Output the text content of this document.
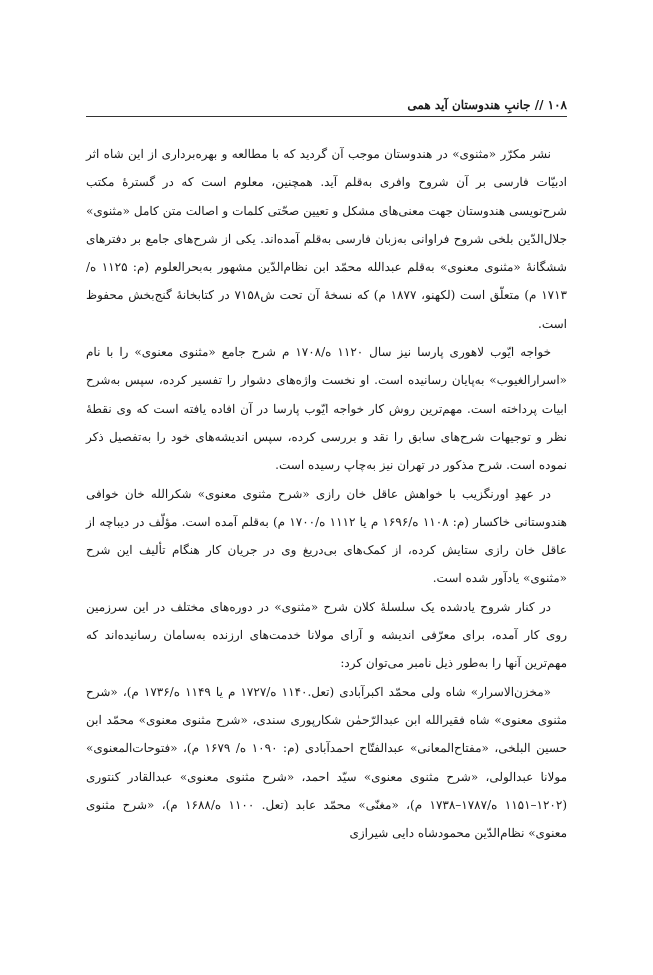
١٠٨ // جانبِ هندوستان آید همی

نشر مکرّر «مثنوی» در هندوستان موجب آن گردید که با مطالعه و بهره‌برداری از این شاه اثر ادبیّات فارسی بر آن شروح وافری به‌قلم آید. همچنین، معلوم است که در گسترهٔ مکتب شرح‌نویسی هندوستان جهت معنی‌های مشکل و تعیین صحّتی کلمات و اصالت متن کامل «مثنوی» جلال‌الدّین بلخی شروح فراوانی به‌زبان فارسی به‌قلم آمده‌اند. یکی از شرح‌های جامع بر دفترهای ششگانهٔ «مثنوی معنوی» به‌قلم عبدالله محمّد ابن نظام‌الدّین مشهور به‌بحرالعلوم (م: ۱۱۲۵ ه/۱۷۱۳ م) متعلّق است (لکهنو، ۱۸۷۷ م) که نسخهٔ آن تحت ش۷۱۵۸ در کتابخانهٔ گنج‌بخش محفوظ است.

خواجه ایّوب لاهوری پارسا نیز سال ۱۱۲۰ ه/۱۷۰۸ م شرح جامع «مثنوی معنوی» را با نام «اسرارالغیوب» به‌پایان رسانیده است. او نخست واژه‌های دشوار را تفسیر کرده، سپس به‌شرح ابیات پرداخته است. مهم‌ترین روش کار خواجه ایّوب پارسا در آن افاده یافته است که وی نقطهٔ نظر و توجیهات شرح‌های سابق را نقد و بررسی کرده، سپس اندیشه‌های خود را به‌تفصیل ذکر نموده است. شرح مذکور در تهران نیز به‌چاپ رسیده است.

در عهدِ اورنگزیب با خواهش عاقل خان رازی «شرح مثنوی معنوی» شکرالله خان خوافی هندوستانی خاکسار (م: ۱۱۰۸ ه/۱۶۹۶ م یا ۱۱۱۲ ه/۱۷۰۰ م) به‌قلم آمده است. مؤلّف در دیباچه از عاقل خان رازی ستایش کرده، از کمک‌های بی‌دریغ وی در جریان کار هنگام تألیف این شرح «مثنوی» یادآور شده است.

در کنار شروح یادشده یک سلسلهٔ کلان شرح «مثنوی» در دوره‌های مختلف در این سرزمین روی کار آمده، برای معرّفی اندیشه و آرای مولانا خدمت‌های ارزنده به‌سامان رسانیده‌اند که مهم‌ترین آنها را به‌طور ذیل نامبر می‌توان کرد:

«مخزن‌الاسرار» شاه ولی محمّد اکبرآبادی (تعل.۱۱۴۰ ه/۱۷۲۷ م یا ۱۱۴۹ ه/۱۷۳۶ م)، «شرح مثنوی معنوی» شاه فقیرالله ابن عبدالرّحمٰن شکارپوری سندی، «شرح مثنوی معنوی» محمّد ابن حسین البلخی، «مفتاح‌المعانی» عبدالفتّاح احمدآبادی (م: ۱۰۹۰ ه/ ۱۶۷۹ م)، «فتوحات‌المعنوی» مولانا عبدالولی، «شرح مثنوی معنوی» سیّد احمد، «شرح مثنوی معنوی» عبدالقادر کنتوری (۱۲۰۲–۱۱۵۱ ه/۱۷۸۷–۱۷۳۸ م)، «مغنّی» محمّد عابد (تعل. ۱۱۰۰ ه/۱۶۸۸ م)، «شرح مثنوی معنوی» نظام‌الدّین محمودشاه دایی شیرازی
